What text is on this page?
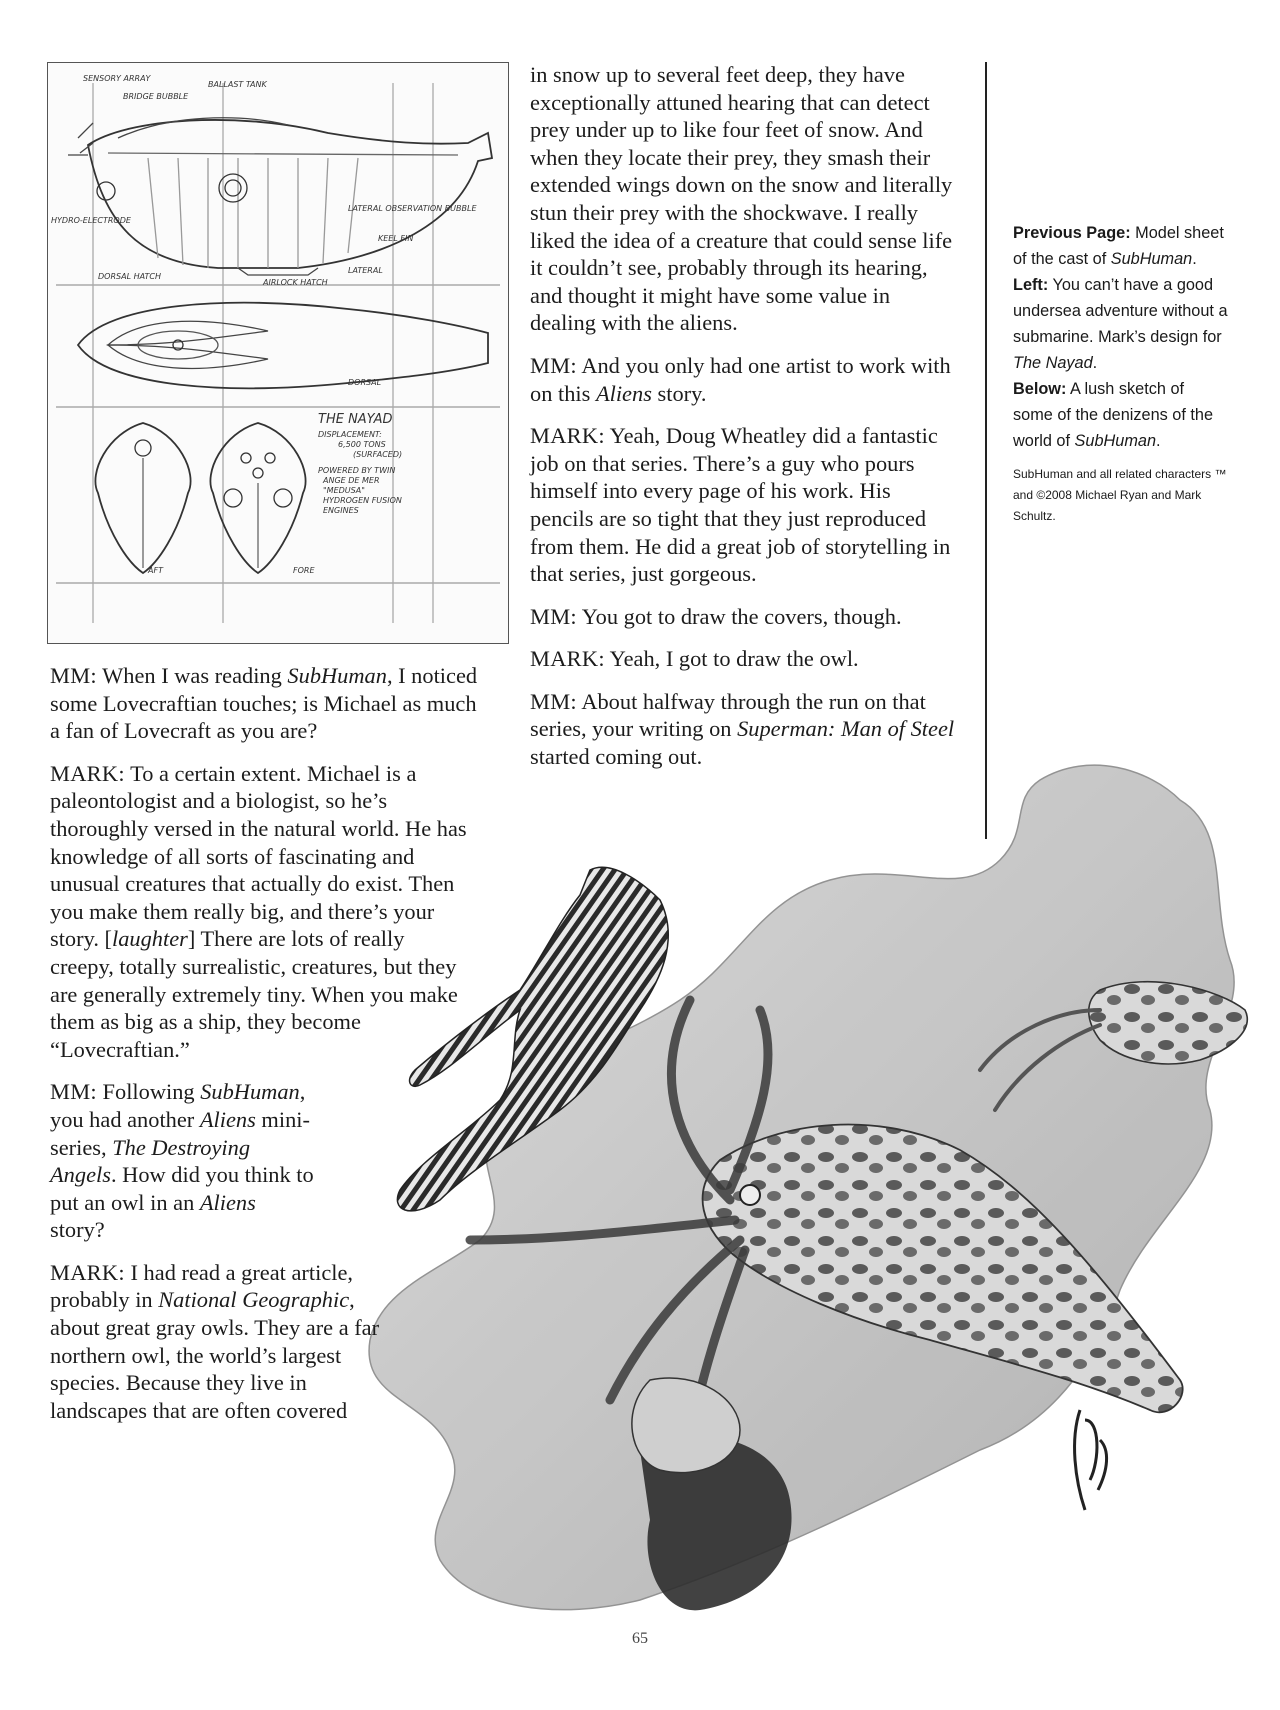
SENSORY ARRAY
BRIDGE BUBBLE
BALLAST TANK
HYDRO-ELECTRODE
LATERAL OBSERVATION BUBBLE
KEEL FIN
DORSAL HATCH
AIRLOCK HATCH
LATERAL
DORSAL
AFT	FORE
THE NAYAD
DISPLACEMENT:
6,500 TONS
(SURFACED)
POWERED BY TWIN
ANGE DE MER
"MEDUSA"
HYDROGEN FUSION
ENGINES

MM: When I was reading SubHuman, I noticed some Lovecraftian touches; is Michael as much a fan of Lovecraft as you are?

MARK: To a certain extent. Michael is a paleontologist and a biologist, so he’s thoroughly versed in the natural world. He has knowledge of all sorts of fascinating and unusual creatures that actually do exist. Then you make them really big, and there’s your story. [laughter] There are lots of really creepy, totally surrealistic, creatures, but they are generally extremely tiny. When you make them as big as a ship, they become “Lovecraftian.”

MM: Following SubHuman, you had another Aliens mini-series, The Destroying Angels. How did you think to put an owl in an Aliens story?

MARK: I had read a great article, probably in National Geographic, about great gray owls. They are a far northern owl, the world’s largest species. Because they live in landscapes that are often covered

in snow up to several feet deep, they have exceptionally attuned hearing that can detect prey under up to like four feet of snow. And when they locate their prey, they smash their extended wings down on the snow and literally stun their prey with the shockwave. I really liked the idea of a creature that could sense life it couldn’t see, probably through its hearing, and thought it might have some value in dealing with the aliens.

MM: And you only had one artist to work with on this Aliens story.

MARK: Yeah, Doug Wheatley did a fantastic job on that series. There’s a guy who pours himself into every page of his work. His pencils are so tight that they just reproduced from them. He did a great job of storytelling in that series, just gorgeous.

MM: You got to draw the covers, though.

MARK: Yeah, I got to draw the owl.

MM: About halfway through the run on that series, your writing on Superman: Man of Steel started coming out.

Previous Page: Model sheet of the cast of SubHuman.

Left: You can’t have a good undersea adventure without a submarine. Mark’s design for The Nayad.

Below: A lush sketch of some of the denizens of the world of SubHuman.

SubHuman and all related characters ™ and ©2008 Michael Ryan and Mark Schultz.

65
